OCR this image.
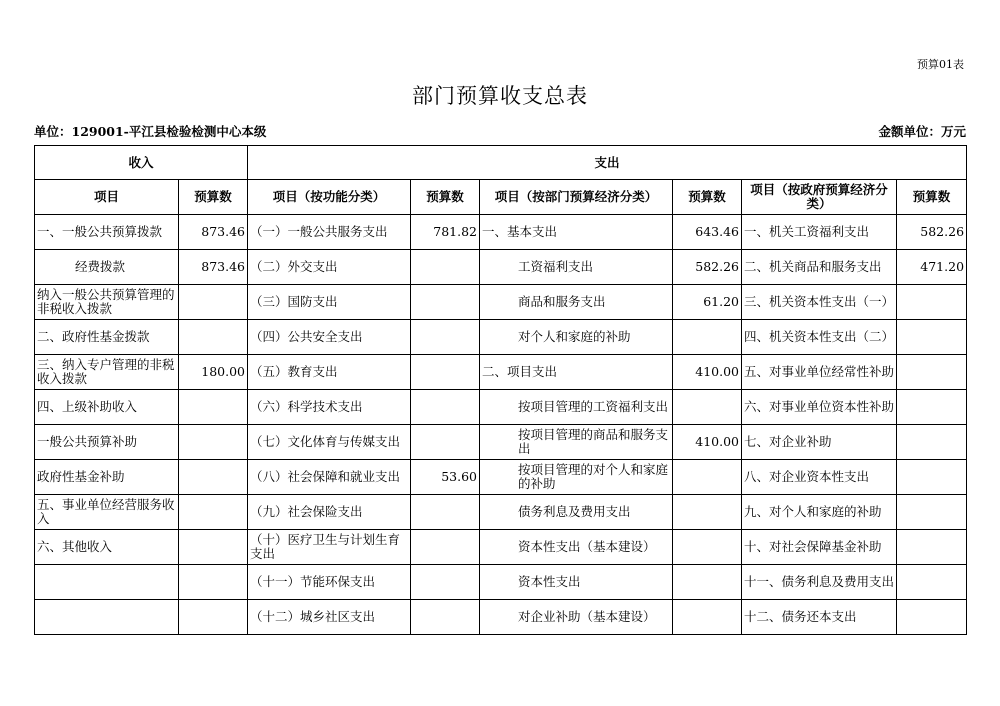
预算01表
部门预算收支总表
单位：129001-平江县检验检测中心本级	金额单位：万元
收入		支出					
项目	预算数	项目（按功能分类）	预算数	项目（按部门预算经济分类）	预算数	项目（按政府预算经济分类）	预算数
一、一般公共预算拨款	873.46	（一）一般公共服务支出	781.82	一、基本支出	643.46	一、机关工资福利支出	582.26
经费拨款	873.46	（二）外交支出		工资福利支出	582.26	二、机关商品和服务支出	471.20
纳入一般公共预算管理的非税收入拨款		（三）国防支出		商品和服务支出	61.20	三、机关资本性支出（一）	
二、政府性基金拨款		（四）公共安全支出		对个人和家庭的补助		四、机关资本性支出（二）	
三、纳入专户管理的非税收入拨款	180.00	（五）教育支出		二、项目支出	410.00	五、对事业单位经常性补助	
四、上级补助收入		（六）科学技术支出		按项目管理的工资福利支出		六、对事业单位资本性补助	
一般公共预算补助		（七）文化体育与传媒支出		按项目管理的商品和服务支出	410.00	七、对企业补助	
政府性基金补助		（八）社会保障和就业支出	53.60	按项目管理的对个人和家庭的补助		八、对企业资本性支出	
五、事业单位经营服务收入		（九）社会保险支出		债务利息及费用支出		九、对个人和家庭的补助	
六、其他收入		（十）医疗卫生与计划生育支出		资本性支出（基本建设）		十、对社会保障基金补助	
		（十一）节能环保支出		资本性支出		十一、债务利息及费用支出	
		（十二）城乡社区支出		对企业补助（基本建设）		十二、债务还本支出	
